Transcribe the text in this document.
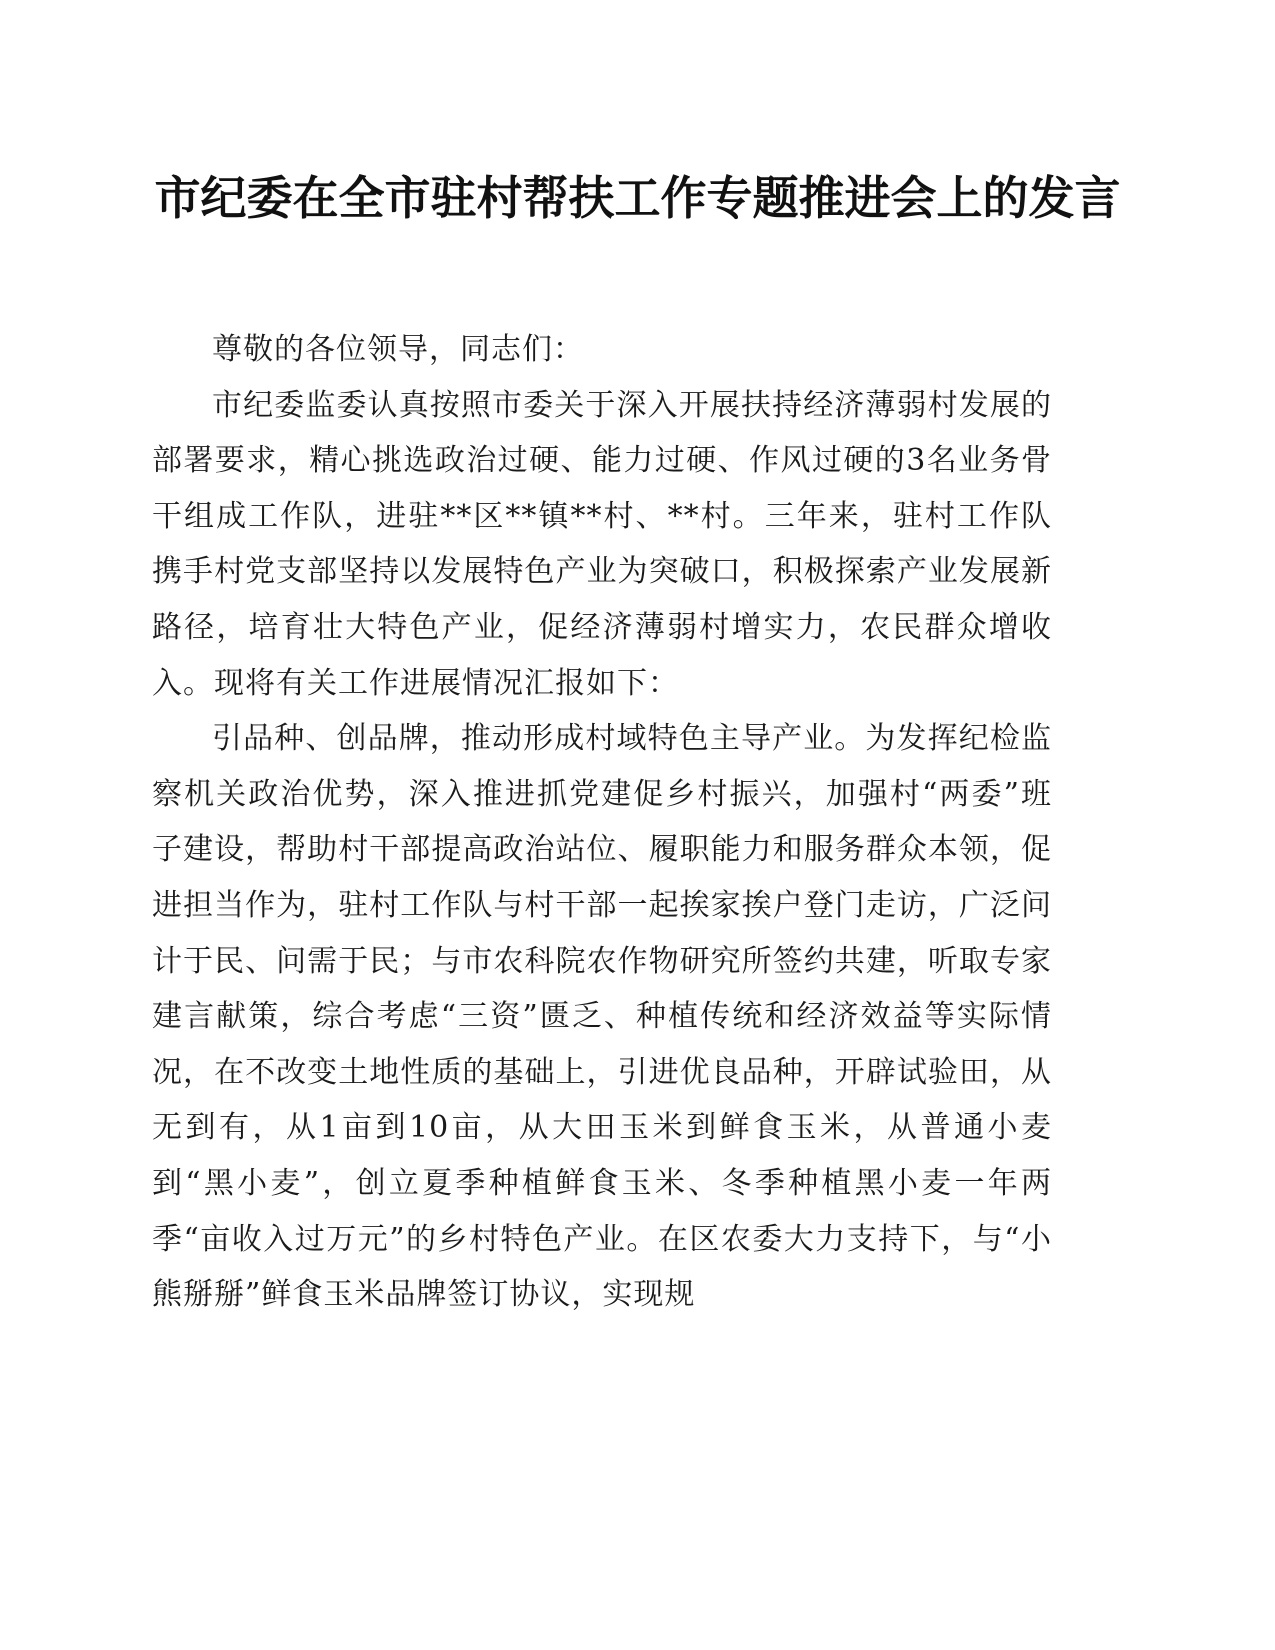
市纪委在全市驻村帮扶工作专题推进会上的发言

尊敬的各位领导，同志们：

市纪委监委认真按照市委关于深入开展扶持经济薄弱村发展的部署要求，精心挑选政治过硬、能力过硬、作风过硬的3名业务骨干组成工作队，进驻**区**镇**村、**村。三年来，驻村工作队携手村党支部坚持以发展特色产业为突破口，积极探索产业发展新路径，培育壮大特色产业，促经济薄弱村增实力，农民群众增收入。现将有关工作进展情况汇报如下：

引品种、创品牌，推动形成村域特色主导产业。为发挥纪检监察机关政治优势，深入推进抓党建促乡村振兴，加强村“两委”班子建设，帮助村干部提高政治站位、履职能力和服务群众本领，促进担当作为，驻村工作队与村干部一起挨家挨户登门走访，广泛问计于民、问需于民；与市农科院农作物研究所签约共建，听取专家建言献策，综合考虑“三资”匮乏、种植传统和经济效益等实际情况，在不改变土地性质的基础上，引进优良品种，开辟试验田，从无到有，从1亩到10亩，从大田玉米到鲜食玉米，从普通小麦到“黑小麦”，创立夏季种植鲜食玉米、冬季种植黑小麦一年两季“亩收入过万元”的乡村特色产业。在区农委大力支持下，与“小熊掰掰”鲜食玉米品牌签订协议，实现规
